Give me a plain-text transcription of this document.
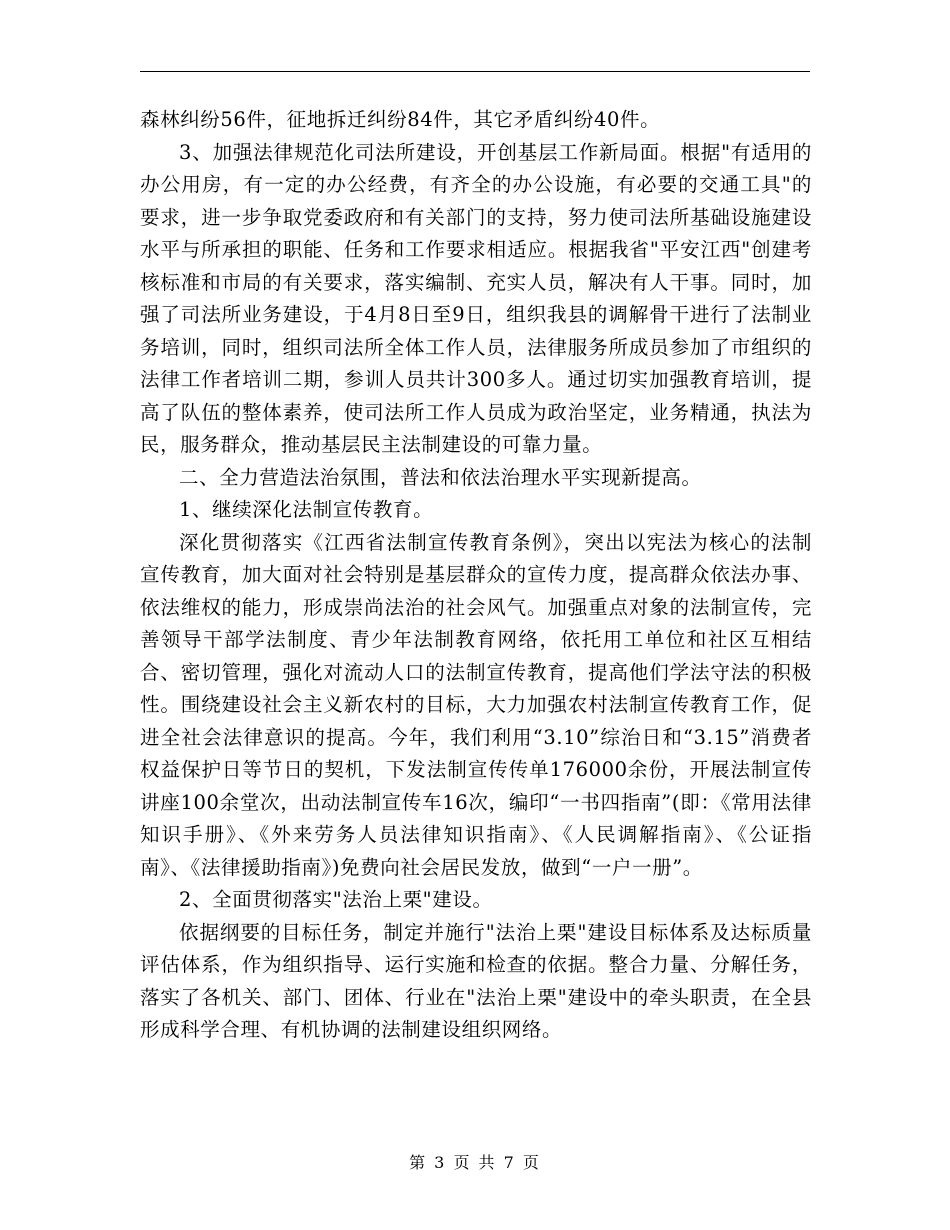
森林纠纷56件，征地拆迁纠纷84件，其它矛盾纠纷40件。

3、加强法律规范化司法所建设，开创基层工作新局面。根据"有适用的办公用房，有一定的办公经费，有齐全的办公设施，有必要的交通工具"的要求，进一步争取党委政府和有关部门的支持，努力使司法所基础设施建设水平与所承担的职能、任务和工作要求相适应。根据我省"平安江西"创建考核标准和市局的有关要求，落实编制、充实人员，解决有人干事。同时，加强了司法所业务建设，于4月8日至9日，组织我县的调解骨干进行了法制业务培训，同时，组织司法所全体工作人员，法律服务所成员参加了市组织的法律工作者培训二期，参训人员共计300多人。通过切实加强教育培训，提高了队伍的整体素养，使司法所工作人员成为政治坚定，业务精通，执法为民，服务群众，推动基层民主法制建设的可靠力量。

二、全力营造法治氛围，普法和依法治理水平实现新提高。

1、继续深化法制宣传教育。

深化贯彻落实《江西省法制宣传教育条例》，突出以宪法为核心的法制宣传教育，加大面对社会特别是基层群众的宣传力度，提高群众依法办事、依法维权的能力，形成崇尚法治的社会风气。加强重点对象的法制宣传，完善领导干部学法制度、青少年法制教育网络，依托用工单位和社区互相结合、密切管理，强化对流动人口的法制宣传教育，提高他们学法守法的积极性。围绕建设社会主义新农村的目标，大力加强农村法制宣传教育工作，促进全社会法律意识的提高。今年，我们利用“3.10”综治日和“3.15”消费者权益保护日等节日的契机，下发法制宣传传单176000余份，开展法制宣传讲座100余堂次，出动法制宣传车16次，编印“一书四指南”(即：《常用法律知识手册》、《外来劳务人员法律知识指南》、《人民调解指南》、《公证指南》、《法律援助指南》)免费向社会居民发放，做到“一户一册”。

2、全面贯彻落实"法治上栗"建设。

依据纲要的目标任务，制定并施行"法治上栗"建设目标体系及达标质量评估体系，作为组织指导、运行实施和检查的依据。整合力量、分解任务，落实了各机关、部门、团体、行业在"法治上栗"建设中的牵头职责，在全县形成科学合理、有机协调的法制建设组织网络。

第 3 页 共 7 页
